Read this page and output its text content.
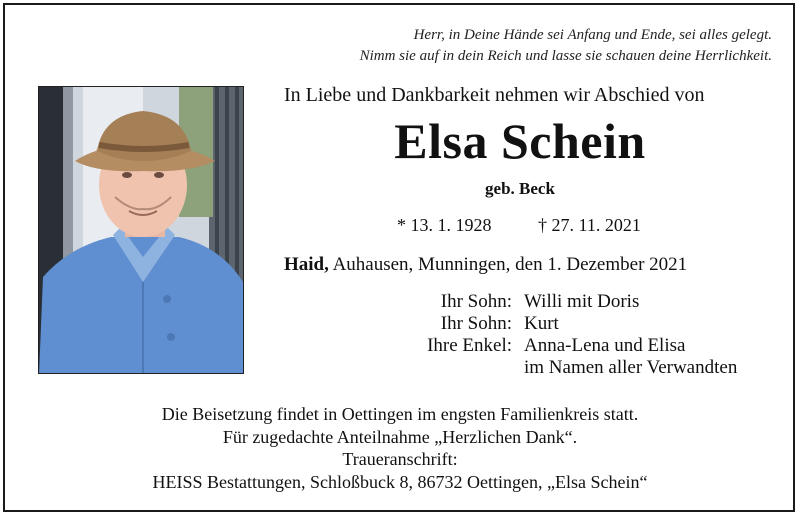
Herr, in Deine Hände sei Anfang und Ende, sei alles gelegt.
Nimm sie auf in dein Reich und lasse sie schauen deine Herrlichkeit.
In Liebe und Dankbarkeit nehmen wir Abschied von
Elsa Schein
geb. Beck
* 13. 1. 1928	† 27. 11. 2021
Haid, Auhausen, Munningen, den 1. Dezember 2021
Ihr Sohn: Willi mit Doris
Ihr Sohn: Kurt
Ihre Enkel: Anna-Lena und Elisa
im Namen aller Verwandten
Die Beisetzung findet in Oettingen im engsten Familienkreis statt.
Für zugedachte Anteilnahme „Herzlichen Dank“.
Traueranschrift:
HEISS Bestattungen, Schloßbuck 8, 86732 Oettingen, „Elsa Schein“
